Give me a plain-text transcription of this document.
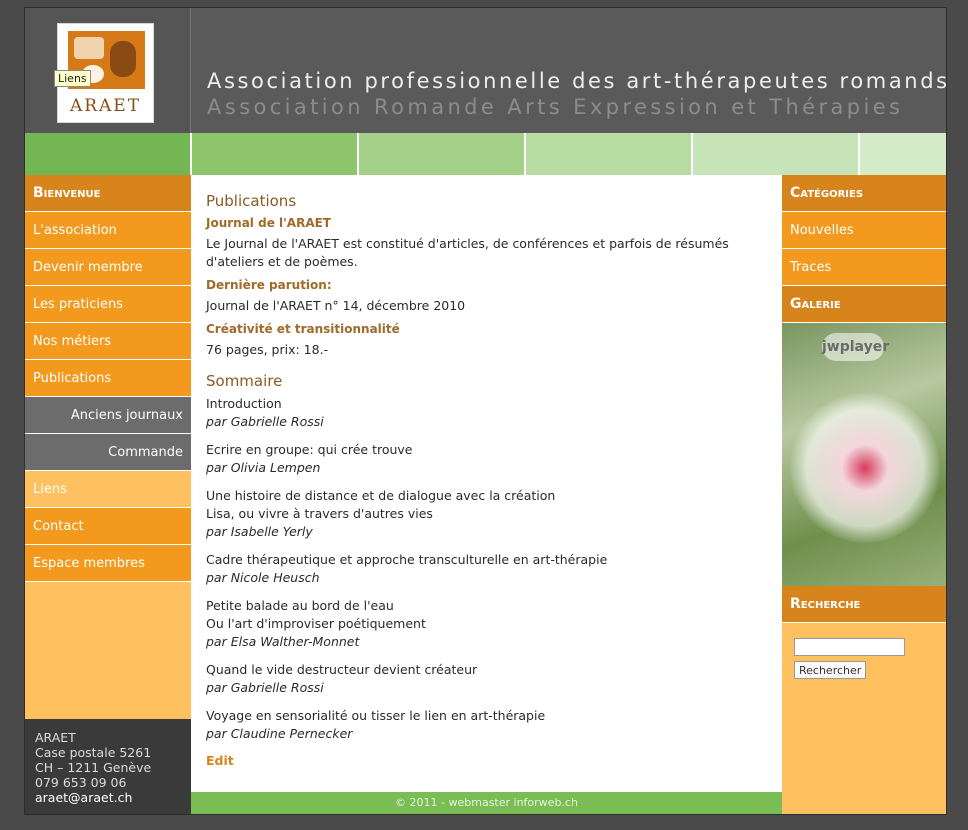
ARAET
Liens	Association professionnelle des art-thérapeutes romands
Association Romande Arts Expression et Thérapies
Bienvenue
L'association
Devenir membre
Les praticiens
Nos métiers
Publications
Anciens journaux
Commande
Liens
Contact
Espace membres
ARAET
Case postale 5261
CH – 1211 Genève
079 653 09 06
araet@araet.ch
Publications
Journal de l'ARAET
Le Journal de l'ARAET est constitué d'articles, de conférences et parfois de résumés d'ateliers et de poèmes.
Dernière parution:
Journal de l'ARAET n° 14, décembre 2010
Créativité et transitionnalité
76 pages, prix: 18.-
Sommaire
Introduction
par Gabrielle Rossi
Ecrire en groupe: qui crée trouve
par Olivia Lempen
Une histoire de distance et de dialogue avec la création
Lisa, ou vivre à travers d'autres vies
par Isabelle Yerly
Cadre thérapeutique et approche transculturelle en art-thérapie
par Nicole Heusch
Petite balade au bord de l'eau
Ou l'art d'improviser poétiquement
par Elsa Walther-Monnet
Quand le vide destructeur devient créateur
par Gabrielle Rossi
Voyage en sensorialité ou tisser le lien en art-thérapie
par Claudine Pernecker
Edit
© 2011 - webmaster inforweb.ch
Catégories
Nouvelles
Traces
Galerie
jwplayer
Recherche
Rechercher
